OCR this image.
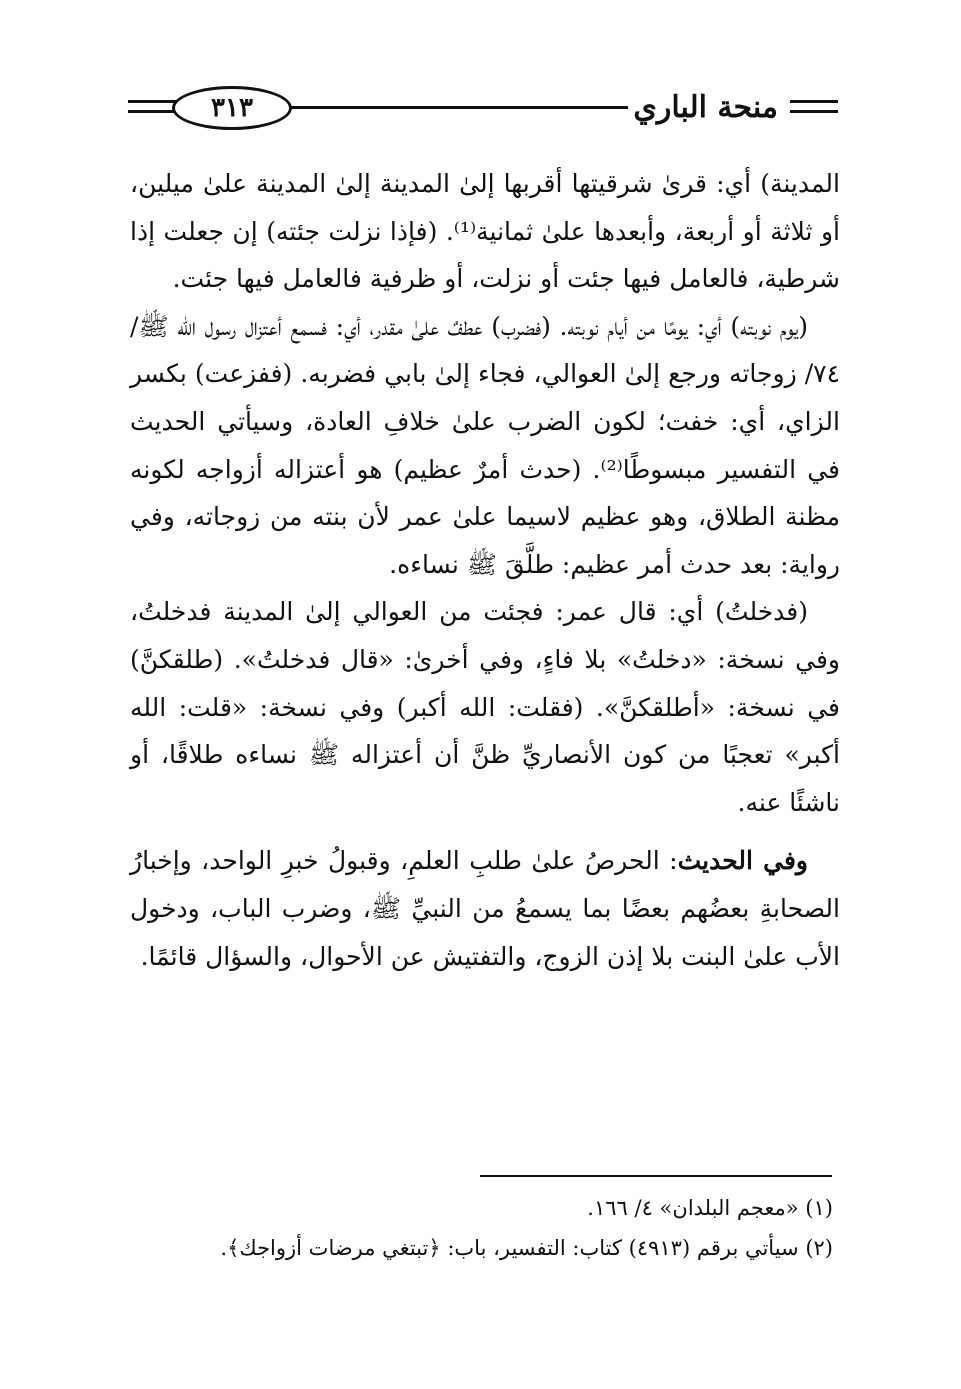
٣١٣	منحة الباري

المدينة) أي: قرىٰ شرقيتها أقربها إلىٰ المدينة إلىٰ المدينة علىٰ ميلين، أو ثلاثة أو أربعة، وأبعدها علىٰ ثمانية⁽¹⁾. (فإذا نزلت جئته) إن جعلت إذا شرطية، فالعامل فيها جئت أو نزلت، أو ظرفية فالعامل فيها جئت.

(يوم نوبته) أي: يومًا من أيام نوبته. (فضرب) عطفٌ علىٰ مقدر، أي: فسمع أعتزال رسول الله ﷺ/ ٧٤/ زوجاته ورجع إلىٰ العوالي، فجاء إلىٰ بابي فضربه. (ففزعت) بكسر الزاي، أي: خفت؛ لكون الضرب علىٰ خلافِ العادة، وسيأتي الحديث في التفسير مبسوطًا⁽²⁾. (حدث أمرٌ عظيم) هو أعتزاله أزواجه لكونه مظنة الطلاق، وهو عظيم لاسيما علىٰ عمر لأن بنته من زوجاته، وفي رواية: بعد حدث أمر عظيم: طلَّقَ ﷺ نساءه.

(فدخلتُ) أي: قال عمر: فجئت من العوالي إلىٰ المدينة فدخلتُ، وفي نسخة: «دخلتُ» بلا فاءٍ، وفي أخرىٰ: «قال فدخلتُ». (طلقكنَّ) في نسخة: «أطلقكنَّ». (فقلت: الله أكبر) وفي نسخة: «قلت: الله أكبر» تعجبًا من كون الأنصاريِّ ظنَّ أن أعتزاله ﷺ نساءه طلاقًا، أو ناشئًا عنه.

وفي الحديث: الحرصُ علىٰ طلبِ العلمِ، وقبولُ خبرِ الواحد، وإخبارُ الصحابةِ بعضُهم بعضًا بما يسمعُ من النبيِّ ﷺ، وضرب الباب، ودخول الأب علىٰ البنت بلا إذن الزوج، والتفتيش عن الأحوال، والسؤال قائمًا.

(١) «معجم البلدان» ٤/ ١٦٦.

(٢) سيأتي برقم (٤٩١٣) كتاب: التفسير، باب: ﴿تبتغي مرضات أزواجك﴾.
